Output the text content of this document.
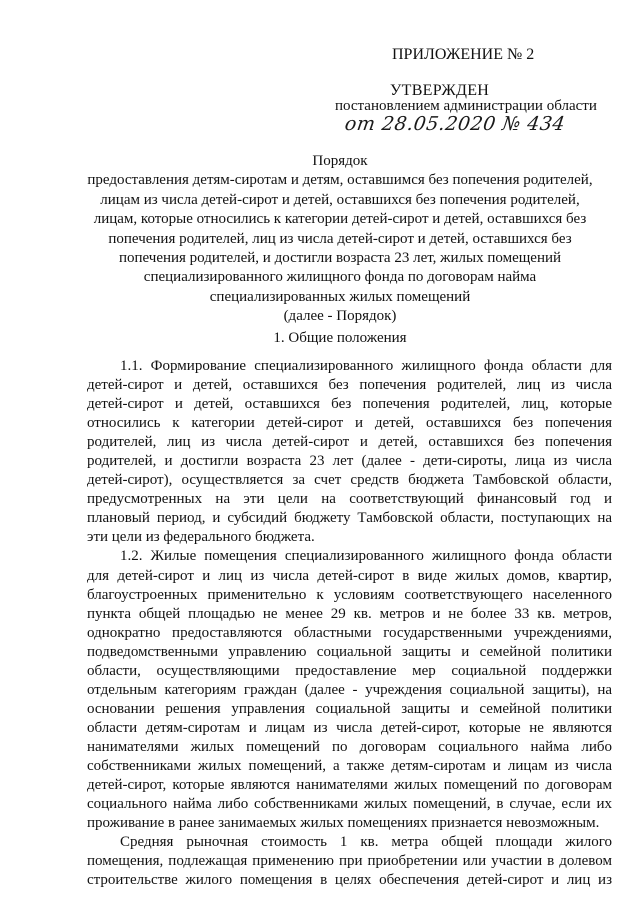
ПРИЛОЖЕНИЕ № 2
УТВЕРЖДЕН
постановлением администрации области
от 28.05.2020 № 434
Порядок
предоставления детям-сиротам и детям, оставшимся без попечения родителей,
лицам из числа детей-сирот и детей, оставшихся без попечения родителей,
лицам, которые относились к категории детей-сирот и детей, оставшихся без
попечения родителей, лиц из числа детей-сирот и детей, оставшихся без
попечения родителей, и достигли возраста 23 лет, жилых помещений
специализированного жилищного фонда по договорам найма
специализированных жилых помещений
(далее - Порядок)
1. Общие положения
1.1. Формирование специализированного жилищного фонда области для
детей-сирот и детей, оставшихся без попечения родителей, лиц из числа
детей-сирот и детей, оставшихся без попечения родителей, лиц, которые
относились к категории детей-сирот и детей, оставшихся без попечения
родителей, лиц из числа детей-сирот и детей, оставшихся без попечения
родителей, и достигли возраста 23 лет (далее - дети-сироты, лица из числа
детей-сирот), осуществляется за счет средств бюджета Тамбовской области,
предусмотренных на эти цели на соответствующий финансовый год и
плановый период, и субсидий бюджету Тамбовской области, поступающих на
эти цели из федерального бюджета.
1.2. Жилые помещения специализированного жилищного фонда области
для детей-сирот и лиц из числа детей-сирот в виде жилых домов, квартир,
благоустроенных применительно к условиям соответствующего населенного
пункта общей площадью не менее 29 кв. метров и не более 33 кв. метров,
однократно предоставляются областными государственными учреждениями,
подведомственными управлению социальной защиты и семейной политики
области, осуществляющими предоставление мер социальной поддержки
отдельным категориям граждан (далее - учреждения социальной защиты), на
основании решения управления социальной защиты и семейной политики
области детям-сиротам и лицам из числа детей-сирот, которые не являются
нанимателями жилых помещений по договорам социального найма либо
собственниками жилых помещений, а также детям-сиротам и лицам из числа
детей-сирот, которые являются нанимателями жилых помещений по договорам
социального найма либо собственниками жилых помещений, в случае, если их
проживание в ранее занимаемых жилых помещениях признается невозможным.
Средняя рыночная стоимость 1 кв. метра общей площади жилого
помещения, подлежащая применению при приобретении или участии в долевом
строительстве жилого помещения в целях обеспечения детей-сирот и лиц из
